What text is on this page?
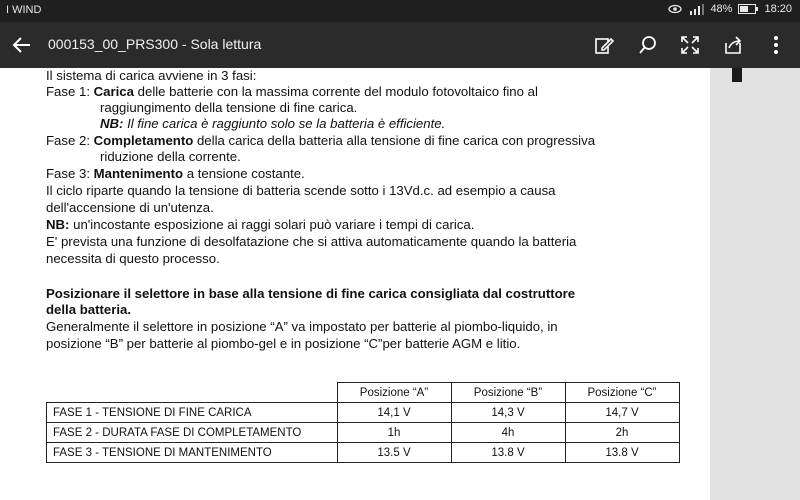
I WIND	48%	18:20
000153_00_PRS300 - Sola lettura
Il sistema di carica avviene in 3 fasi:
Fase 1: Carica delle batterie con la massima corrente del modulo fotovoltaico fino al
raggiungimento della tensione di fine carica.
NB: Il fine carica è raggiunto solo se la batteria è efficiente.
Fase 2: Completamento della carica della batteria alla tensione di fine carica con progressiva
riduzione della corrente.
Fase 3: Mantenimento a tensione costante.
Il ciclo riparte quando la tensione di batteria scende sotto i 13Vd.c. ad esempio a causa
dell'accensione di un'utenza.
NB: un'incostante esposizione ai raggi solari può variare i tempi di carica.
E' prevista una funzione di desolfatazione che si attiva automaticamente quando la batteria
necessita di questo processo.
Posizionare il selettore in base alla tensione di fine carica consigliata dal costruttore
della batteria.
Generalmente il selettore in posizione “A” va impostato per batterie al piombo-liquido, in
posizione “B” per batterie al piombo-gel e in posizione “C”per batterie AGM e litio.
	Posizione “A”	Posizione “B”	Posizione “C”
FASE 1 - TENSIONE DI FINE CARICA	14,1 V	14,3 V	14,7 V
FASE 2 - DURATA FASE DI COMPLETAMENTO	1h	4h	2h
FASE 3 - TENSIONE DI MANTENIMENTO	13.5 V	13.8 V	13.8 V
